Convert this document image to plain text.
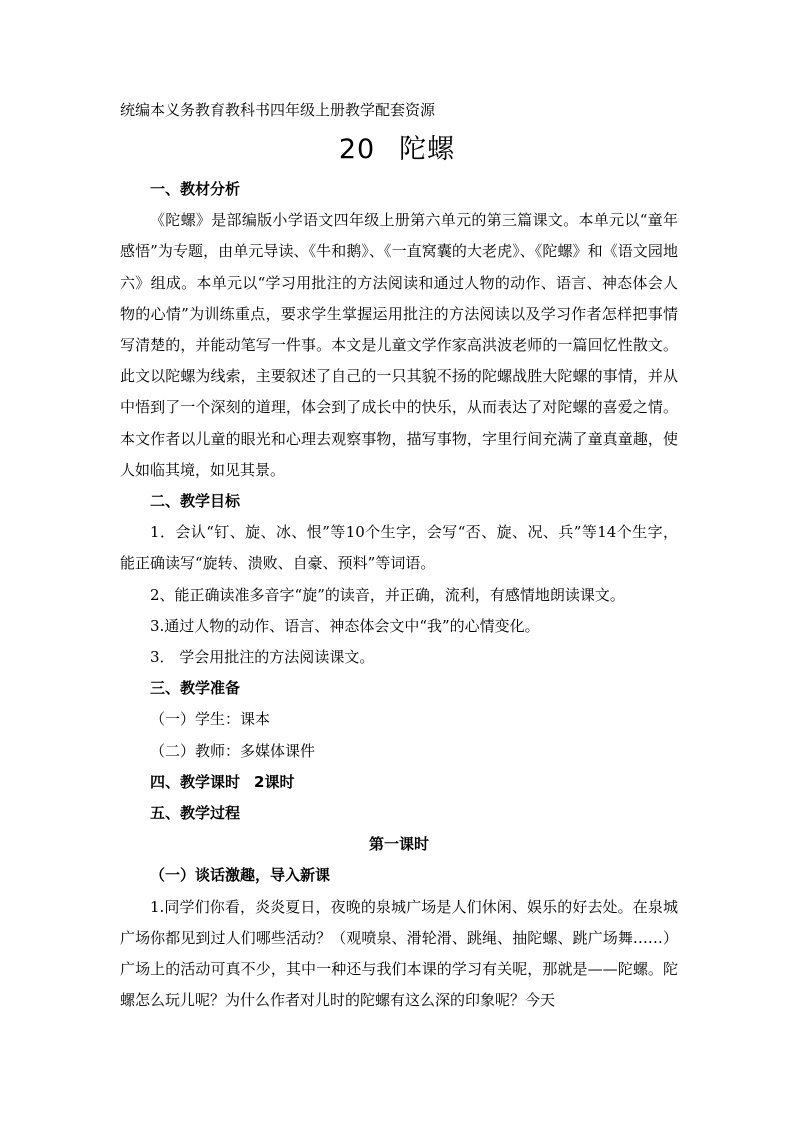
统编本义务教育教科书四年级上册教学配套资源
20 陀螺
一、教材分析

《陀螺》是部编版小学语文四年级上册第六单元的第三篇课文。本单元以“童年感悟”为专题，由单元导读、《牛和鹅》、《一直窝囊的大老虎》、《陀螺》和《语文园地六》组成。本单元以“学习用批注的方法阅读和通过人物的动作、语言、神态体会人物的心情”为训练重点，要求学生掌握运用批注的方法阅读以及学习作者怎样把事情写清楚的，并能动笔写一件事。本文是儿童文学作家高洪波老师的一篇回忆性散文。此文以陀螺为线索，主要叙述了自己的一只其貌不扬的陀螺战胜大陀螺的事情，并从中悟到了一个深刻的道理，体会到了成长中的快乐，从而表达了对陀螺的喜爱之情。本文作者以儿童的眼光和心理去观察事物，描写事物，字里行间充满了童真童趣，使人如临其境，如见其景。

二、教学目标

1．会认“钉、旋、冰、恨”等10个生字，会写“否、旋、况、兵”等14个生字，能正确读写“旋转、溃败、自豪、预料”等词语。

2、能正确读准多音字“旋”的读音，并正确，流利，有感情地朗读课文。
3.通过人物的动作、语言、神态体会文中“我”的心情变化。
3． 学会用批注的方法阅读课文。
三、教学准备
（一）学生：课本
（二）教师：多媒体课件
四、教学课时 2课时
五、教学过程
第一课时
（一）谈话激趣，导入新课

1.同学们你看，炎炎夏日，夜晚的泉城广场是人们休闲、娱乐的好去处。在泉城广场你都见到过人们哪些活动？（观喷泉、滑轮滑、跳绳、抽陀螺、跳广场舞……）广场上的活动可真不少，其中一种还与我们本课的学习有关呢，那就是——陀螺。陀螺怎么玩儿呢？为什么作者对儿时的陀螺有这么深的印象呢？今天
